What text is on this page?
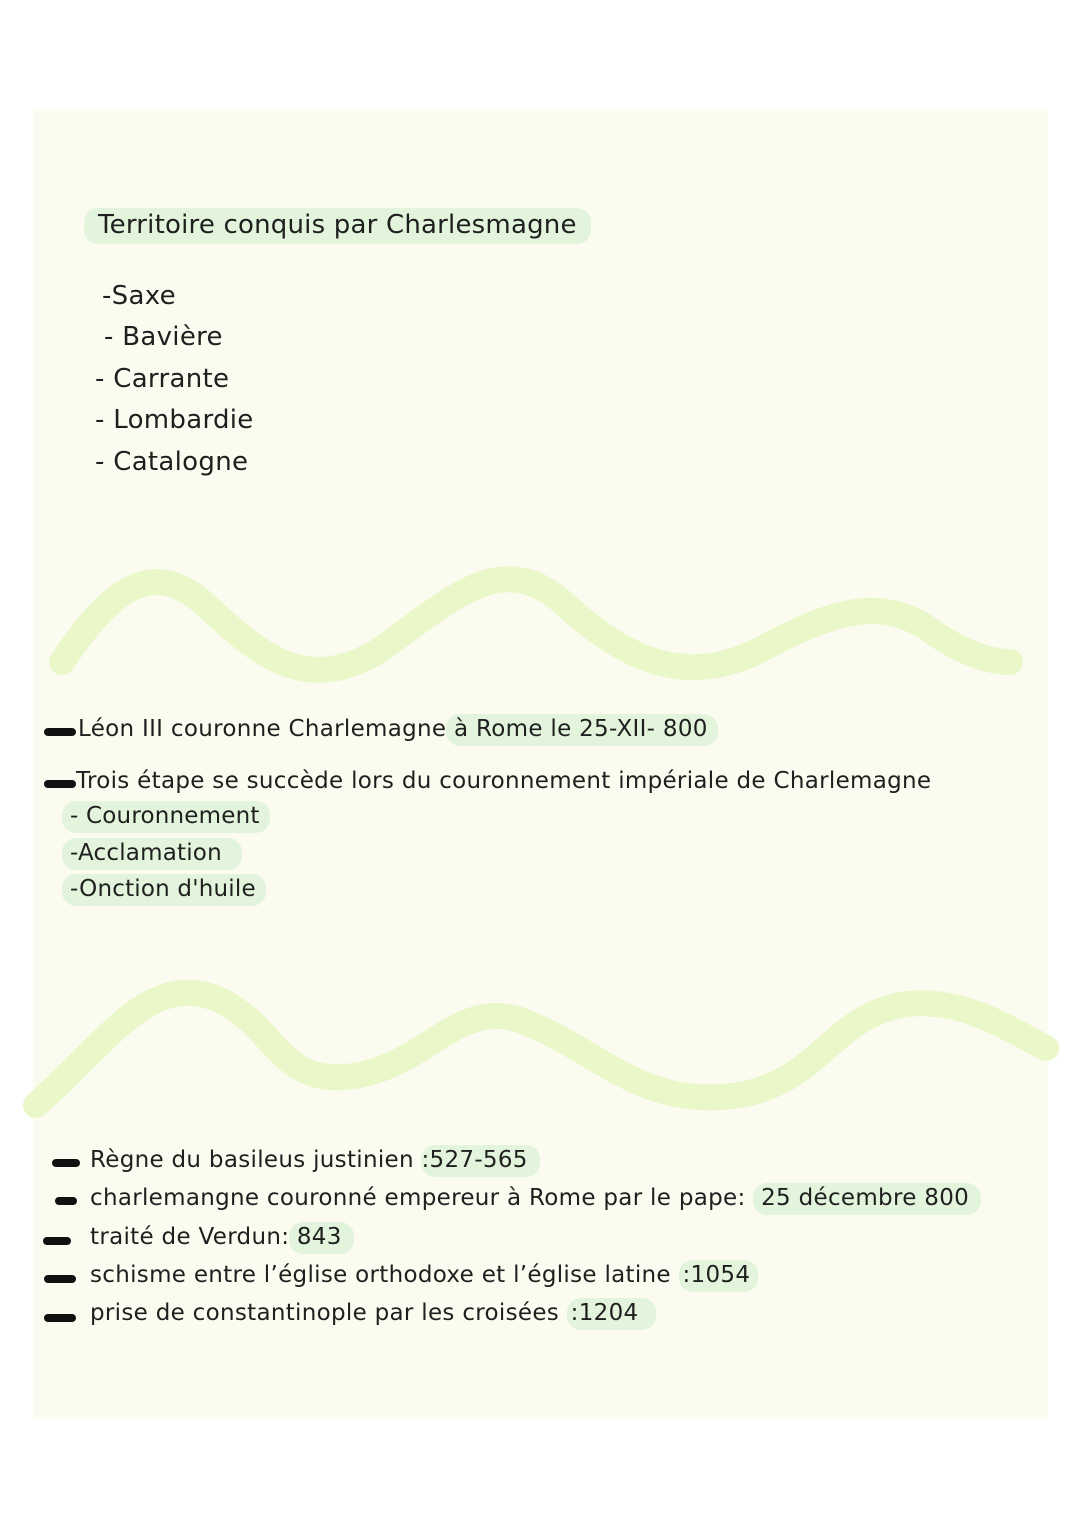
Territoire conquis par Charlesmagne
-Saxe
- Bavière
- Carrante
- Lombardie
- Catalogne
Léon III couronne Charlemagne à Rome le 25-XII- 800
Trois étape se succède lors du couronnement impériale de Charlemagne
- Couronnement
-Acclamation
-Onction d'huile
Règne du basileus justinien :527-565
charlemangne couronné empereur à Rome par le pape: 25 décembre 800
traité de Verdun: 843
schisme entre l’église orthodoxe et l’église latine :1054
prise de constantinople par les croisées :1204
